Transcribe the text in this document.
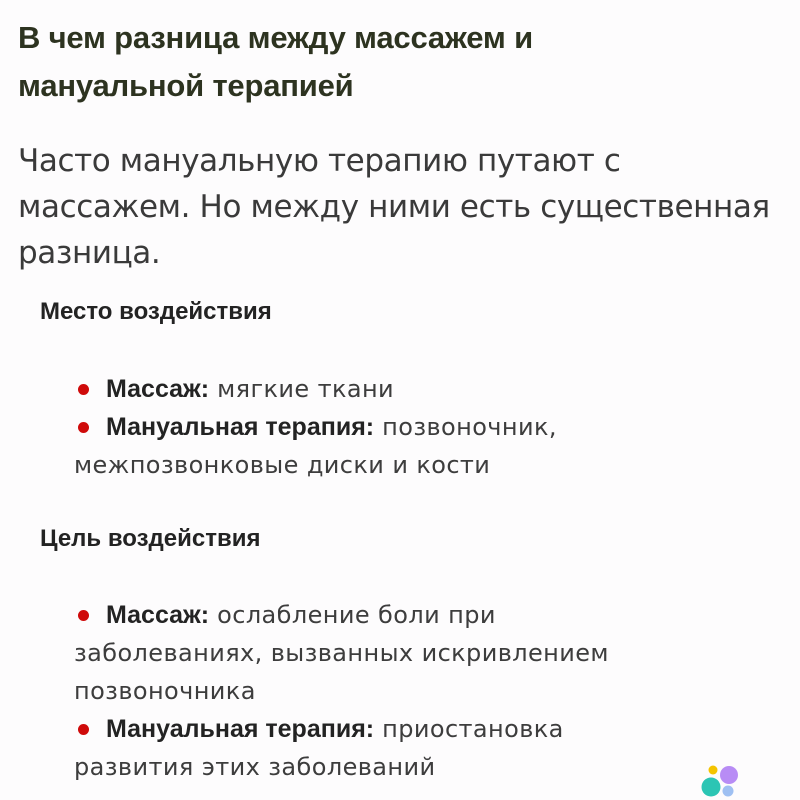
В чем разница между массажем и мануальной терапией

Часто мануальную терапию путают с массажем. Но между ними есть существенная разница.

Место воздействия
Массаж: мягкие ткани
Мануальная терапия: позвоночник,
межпозвонковые диски и кости
Цель воздействия
Массаж: ослабление боли при
заболеваниях, вызванных искривлением
позвоночника
Мануальная терапия: приостановка
развития этих заболеваний
